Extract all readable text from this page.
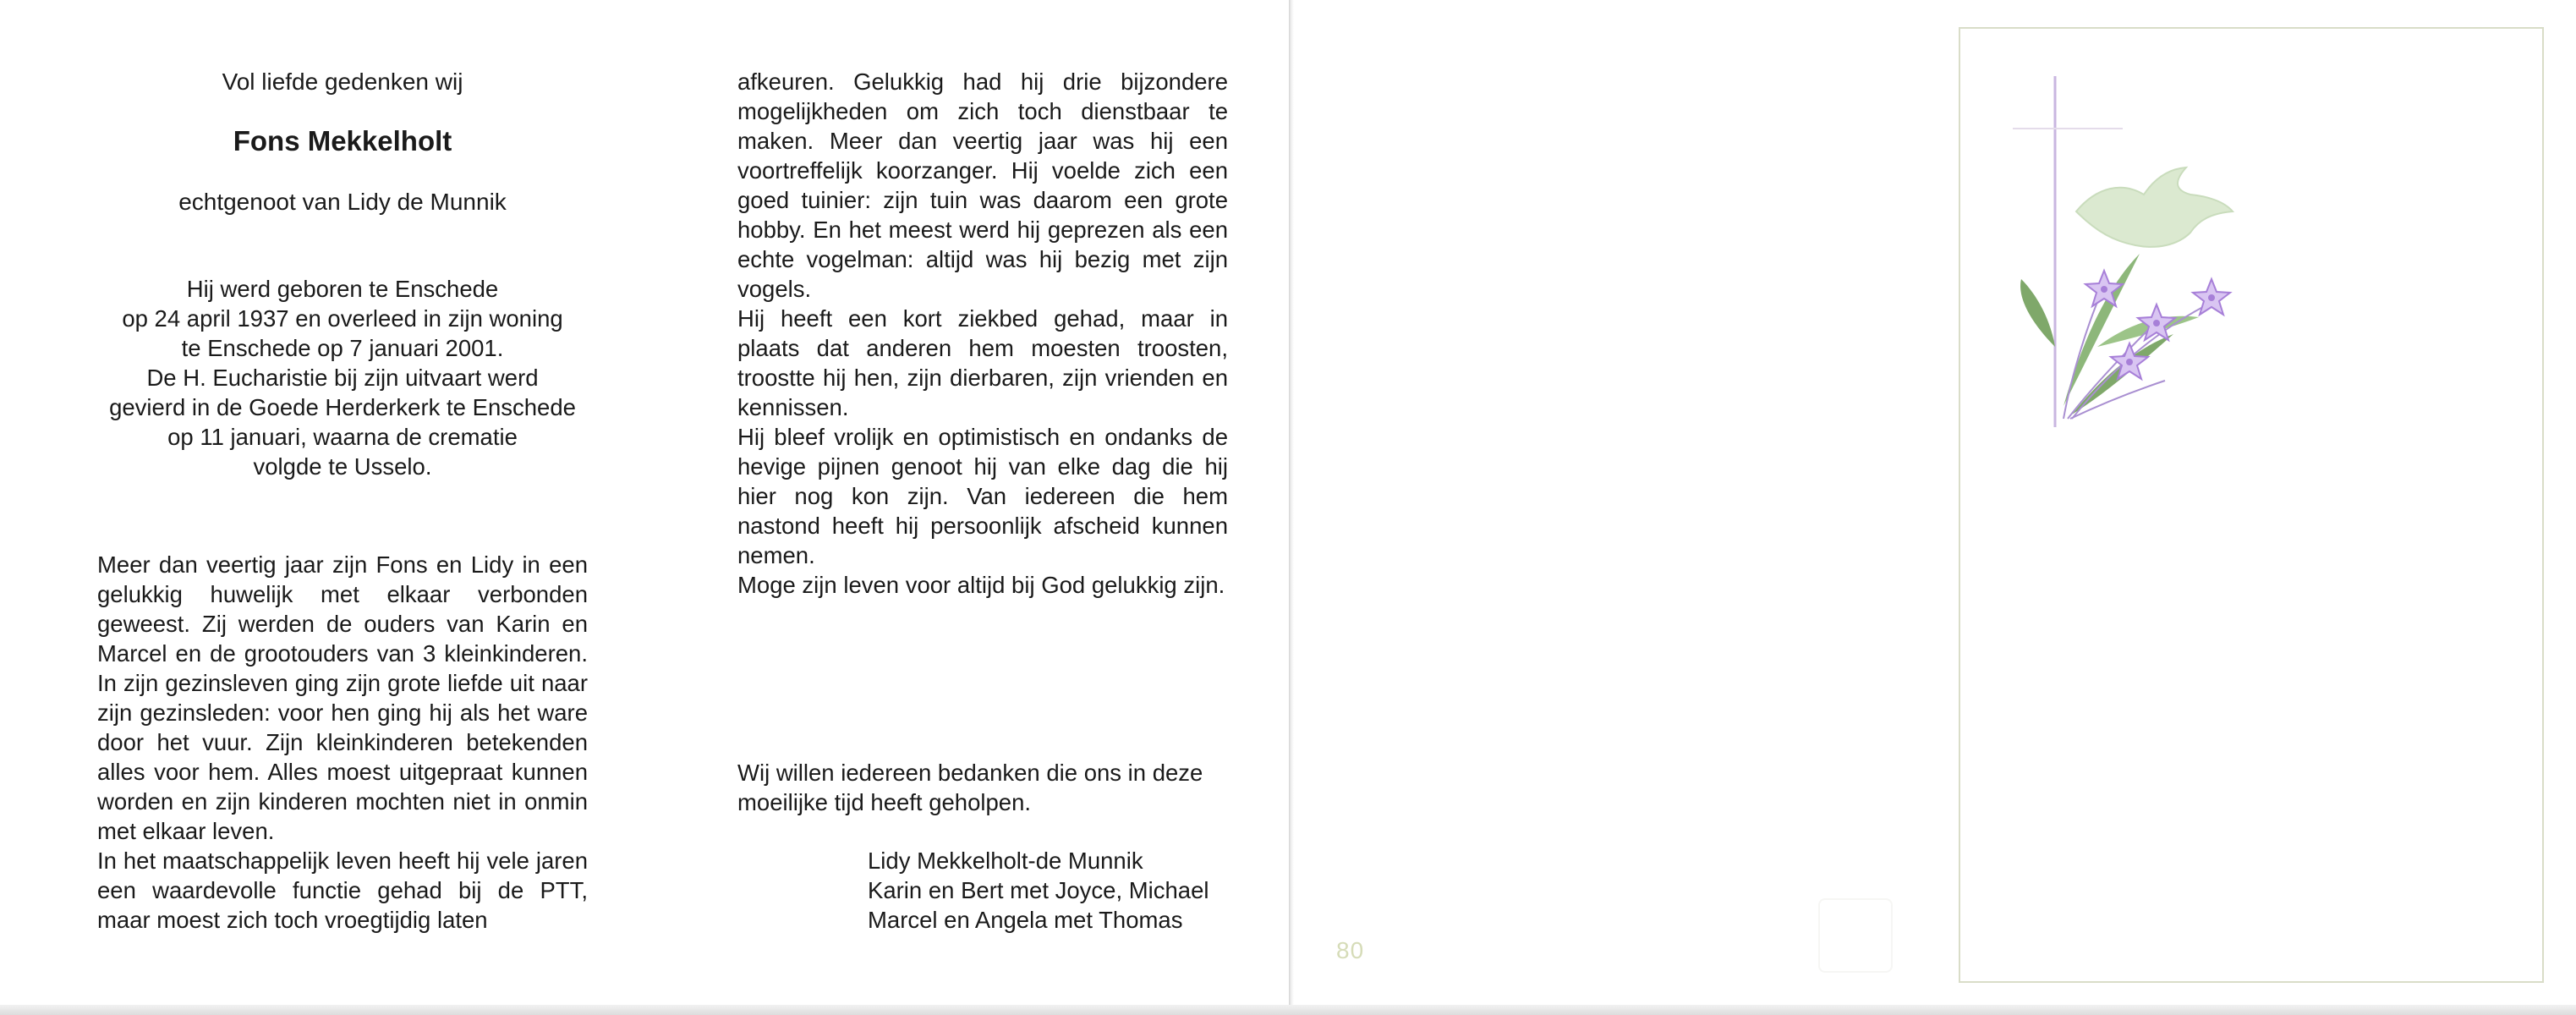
Vol liefde gedenken wij
Fons Mekkelholt
echtgenoot van Lidy de Munnik
Hij werd geboren te Enschede
op 24 april 1937 en overleed in zijn woning
te Enschede op 7 januari 2001.
De H. Eucharistie bij zijn uitvaart werd
gevierd in de Goede Herderkerk te Enschede
op 11 januari, waarna de crematie
volgde te Usselo.

Meer dan veertig jaar zijn Fons en Lidy in een gelukkig huwelijk met elkaar verbonden geweest. Zij werden de ouders van Karin en Marcel en de grootouders van 3 kleinkinderen. In zijn gezinsleven ging zijn grote liefde uit naar zijn gezinsleden: voor hen ging hij als het ware door het vuur. Zijn kleinkinderen betekenden alles voor hem. Alles moest uitgepraat kunnen worden en zijn kinderen mochten niet in onmin met elkaar leven.

In het maatschappelijk leven heeft hij vele jaren een waardevolle functie gehad bij de PTT, maar moest zich toch vroegtijdig laten

afkeuren. Gelukkig had hij drie bijzondere mogelijkheden om zich toch dienstbaar te maken. Meer dan veertig jaar was hij een voortreffelijk koorzanger. Hij voelde zich een goed tuinier: zijn tuin was daarom een grote hobby. En het meest werd hij geprezen als een echte vogelman: altijd was hij bezig met zijn vogels.

Hij heeft een kort ziekbed gehad, maar in plaats dat anderen hem moesten troosten, troostte hij hen, zijn dierbaren, zijn vrienden en kennissen.

Hij bleef vrolijk en optimistisch en ondanks de hevige pijnen genoot hij van elke dag die hij hier nog kon zijn. Van iedereen die hem nastond heeft hij persoonlijk afscheid kunnen nemen.

Moge zijn leven voor altijd bij God gelukkig zijn.

Wij willen iedereen bedanken die ons in deze moeilijke tijd heeft geholpen.
Lidy Mekkelholt-de Munnik
Karin en Bert met Joyce, Michael
Marcel en Angela met Thomas
80
